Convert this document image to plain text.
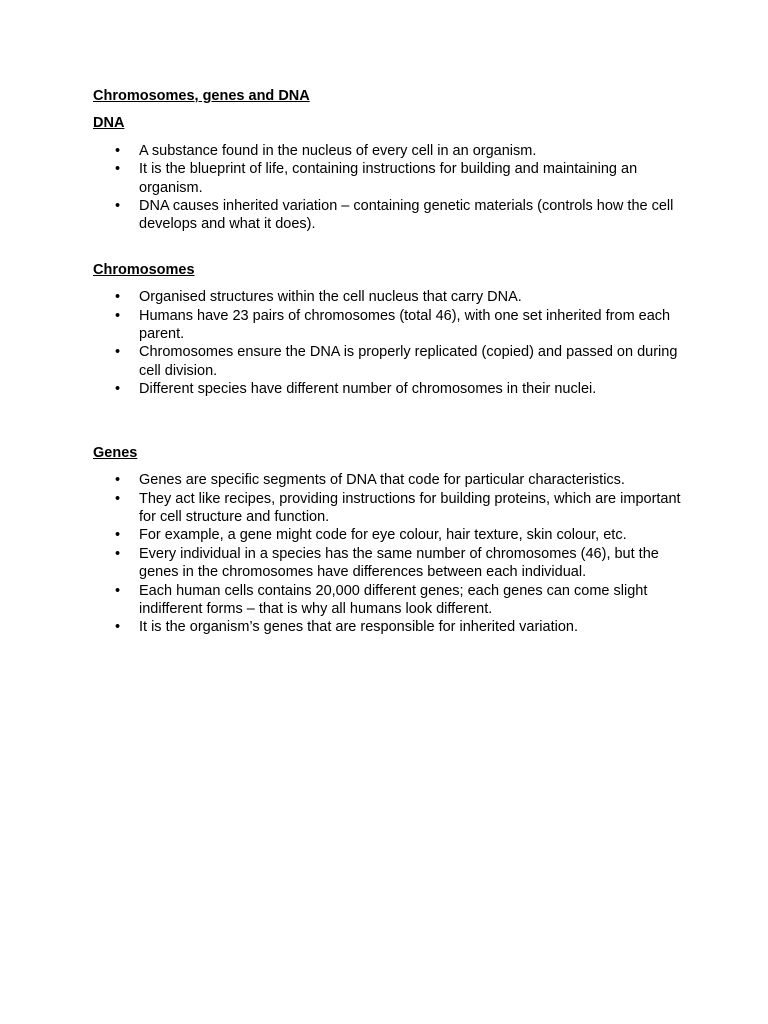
Chromosomes, genes and DNA

DNA

• A substance found in the nucleus of every cell in an organism.
• It is the blueprint of life, containing instructions for building and maintaining an organism.
• DNA causes inherited variation – containing genetic materials (controls how the cell develops and what it does).

Chromosomes

• Organised structures within the cell nucleus that carry DNA.
• Humans have 23 pairs of chromosomes (total 46), with one set inherited from each parent.
• Chromosomes ensure the DNA is properly replicated (copied) and passed on during cell division.
• Different species have different number of chromosomes in their nuclei.

Genes

• Genes are specific segments of DNA that code for particular characteristics.
• They act like recipes, providing instructions for building proteins, which are important for cell structure and function.
• For example, a gene might code for eye colour, hair texture, skin colour, etc.
• Every individual in a species has the same number of chromosomes (46), but the genes in the chromosomes have differences between each individual.
• Each human cells contains 20,000 different genes; each genes can come slight indifferent forms – that is why all humans look different.
• It is the organism’s genes that are responsible for inherited variation.
